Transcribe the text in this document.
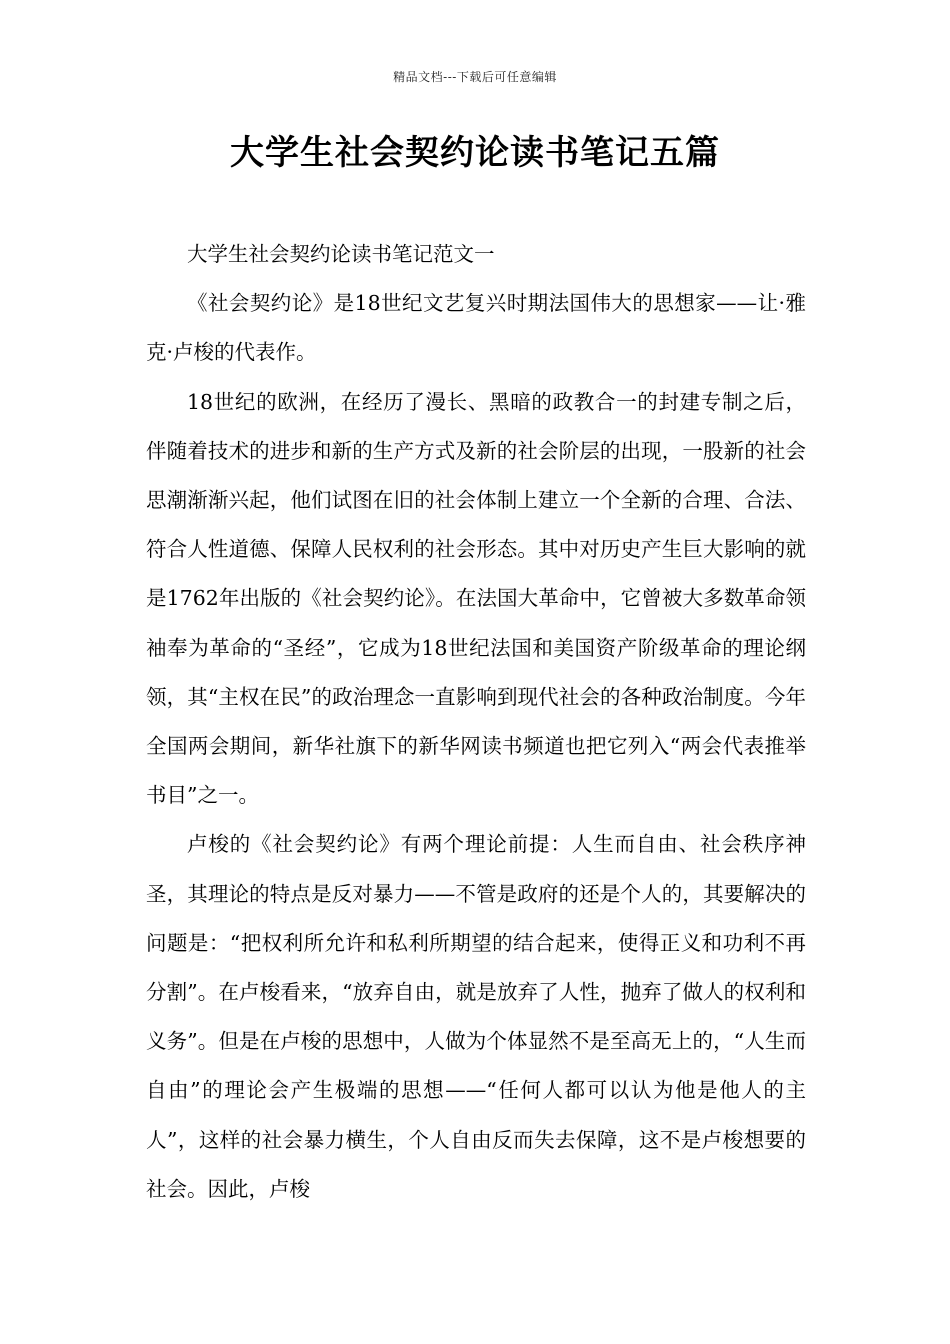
精品文档---下载后可任意编辑
大学生社会契约论读书笔记五篇

大学生社会契约论读书笔记范文一

《社会契约论》是18世纪文艺复兴时期法国伟大的思想家——让·雅克·卢梭的代表作。

18世纪的欧洲，在经历了漫长、黑暗的政教合一的封建专制之后，伴随着技术的进步和新的生产方式及新的社会阶层的出现，一股新的社会思潮渐渐兴起，他们试图在旧的社会体制上建立一个全新的合理、合法、符合人性道德、保障人民权利的社会形态。其中对历史产生巨大影响的就是1762年出版的《社会契约论》。在法国大革命中，它曾被大多数革命领袖奉为革命的“圣经”，它成为18世纪法国和美国资产阶级革命的理论纲领，其“主权在民”的政治理念一直影响到现代社会的各种政治制度。今年全国两会期间，新华社旗下的新华网读书频道也把它列入“两会代表推举书目”之一。

卢梭的《社会契约论》有两个理论前提：人生而自由、社会秩序神圣，其理论的特点是反对暴力——不管是政府的还是个人的，其要解决的问题是：“把权利所允许和私利所期望的结合起来，使得正义和功利不再分割”。在卢梭看来，“放弃自由，就是放弃了人性，抛弃了做人的权利和义务”。但是在卢梭的思想中，人做为个体显然不是至高无上的，“人生而自由”的理论会产生极端的思想——“任何人都可以认为他是他人的主人”，这样的社会暴力横生，个人自由反而失去保障，这不是卢梭想要的社会。因此，卢梭
